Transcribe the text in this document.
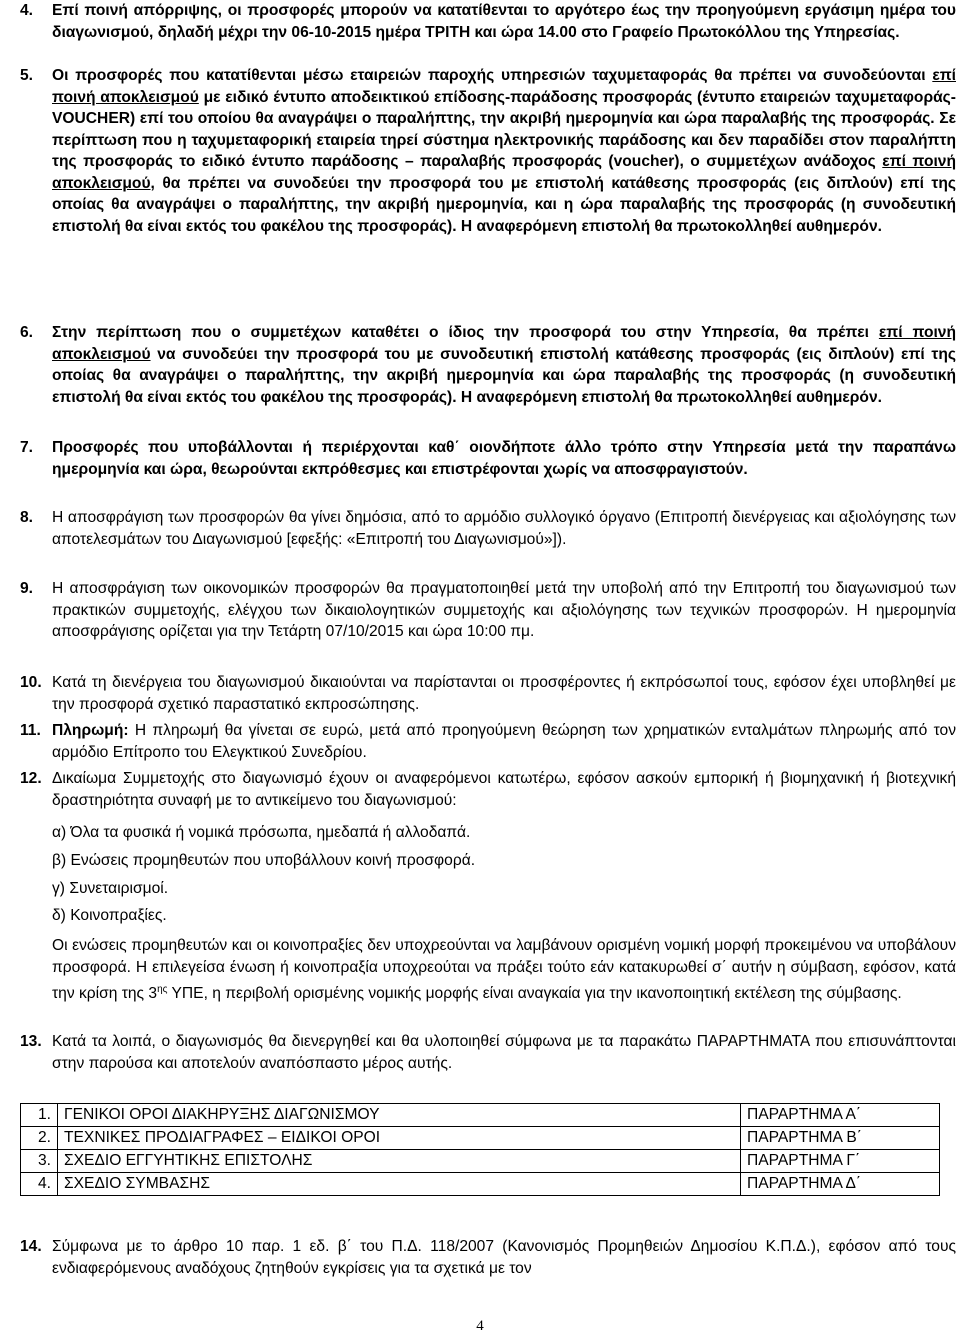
4. Επί ποινή απόρριψης, οι προσφορές μπορούν να κατατίθενται το αργότερο έως την προηγούμενη εργάσιμη ημέρα του διαγωνισμού, δηλαδή μέχρι την 06-10-2015 ημέρα ΤΡΙΤΗ και ώρα 14.00 στο Γραφείο Πρωτοκόλλου της Υπηρεσίας.
5. Οι προσφορές που κατατίθενται μέσω εταιρειών παροχής υπηρεσιών ταχυμεταφοράς θα πρέπει να συνοδεύονται επί ποινή αποκλεισμού με ειδικό έντυπο αποδεικτικού επίδοσης-παράδοσης προσφοράς (έντυπο εταιρειών ταχυμεταφοράς- VOUCHER) επί του οποίου θα αναγράψει ο παραλήπτης, την ακριβή ημερομηνία και ώρα παραλαβής της προσφοράς. Σε περίπτωση που η ταχυμεταφορική εταιρεία τηρεί σύστημα ηλεκτρονικής παράδοσης και δεν παραδίδει στον παραλήπτη της προσφοράς το ειδικό έντυπο παράδοσης – παραλαβής προσφοράς (voucher), ο συμμετέχων ανάδοχος επί ποινή αποκλεισμού, θα πρέπει να συνοδεύει την προσφορά του με επιστολή κατάθεσης προσφοράς (εις διπλούν) επί της οποίας θα αναγράψει ο παραλήπτης, την ακριβή ημερομηνία, και η ώρα παραλαβής της προσφοράς (η συνοδευτική επιστολή θα είναι εκτός του φακέλου της προσφοράς). Η αναφερόμενη επιστολή θα πρωτοκολληθεί αυθημερόν.
6. Στην περίπτωση που ο συμμετέχων καταθέτει ο ίδιος την προσφορά του στην Υπηρεσία, θα πρέπει επί ποινή αποκλεισμού να συνοδεύει την προσφορά του με συνοδευτική επιστολή κατάθεσης προσφοράς (εις διπλούν) επί της οποίας θα αναγράψει ο παραλήπτης, την ακριβή ημερομηνία και ώρα παραλαβής της προσφοράς (η συνοδευτική επιστολή θα είναι εκτός του φακέλου της προσφοράς). Η αναφερόμενη επιστολή θα πρωτοκολληθεί αυθημερόν.
7. Προσφορές που υποβάλλονται ή περιέρχονται καθ΄ οιονδήποτε άλλο τρόπο στην Υπηρεσία μετά την παραπάνω ημερομηνία και ώρα, θεωρούνται εκπρόθεσμες και επιστρέφονται χωρίς να αποσφραγιστούν.
8. Η αποσφράγιση των προσφορών θα γίνει δημόσια, από το αρμόδιο συλλογικό όργανο (Επιτροπή διενέργειας και αξιολόγησης των αποτελεσμάτων του Διαγωνισμού [εφεξής: «Επιτροπή του Διαγωνισμού»]).
9. Η αποσφράγιση των οικονομικών προσφορών θα πραγματοποιηθεί μετά την υποβολή από την Επιτροπή του διαγωνισμού των πρακτικών συμμετοχής, ελέγχου των δικαιολογητικών συμμετοχής και αξιολόγησης των τεχνικών προσφορών. Η ημερομηνία αποσφράγισης ορίζεται για την Τετάρτη 07/10/2015 και ώρα 10:00 πμ.
10. Κατά τη διενέργεια του διαγωνισμού δικαιούνται να παρίστανται οι προσφέροντες ή εκπρόσωποί τους, εφόσον έχει υποβληθεί με την προσφορά σχετικό παραστατικό εκπροσώπησης.
11. Πληρωμή: Η πληρωμή θα γίνεται σε ευρώ, μετά από προηγούμενη θεώρηση των χρηματικών ενταλμάτων πληρωμής από τον αρμόδιο Επίτροπο του Ελεγκτικού Συνεδρίου.
12. Δικαίωμα Συμμετοχής στο διαγωνισμό έχουν οι αναφερόμενοι κατωτέρω, εφόσον ασκούν εμπορική ή βιομηχανική ή βιοτεχνική δραστηριότητα συναφή με το αντικείμενο του διαγωνισμού:
α) Όλα τα φυσικά ή νομικά πρόσωπα, ημεδαπά ή αλλοδαπά.
β) Ενώσεις προμηθευτών που υποβάλλουν κοινή προσφορά.
γ) Συνεταιρισμοί.
δ) Κοινοπραξίες.
Οι ενώσεις προμηθευτών και οι κοινοπραξίες δεν υποχρεούνται να λαμβάνουν ορισμένη νομική μορφή προκειμένου να υποβάλουν προσφορά. Η επιλεγείσα ένωση ή κοινοπραξία υποχρεούται να πράξει τούτο εάν κατακυρωθεί σ΄ αυτήν η σύμβαση, εφόσον, κατά την κρίση της $3^{\eta\varsigma}$ ΥΠΕ, η περιβολή ορισμένης νομικής μορφής είναι αναγκαία για την ικανοποιητική εκτέλεση της σύμβασης.
13. Κατά τα λοιπά, ο διαγωνισμός θα διενεργηθεί και θα υλοποιηθεί σύμφωνα με τα παρακάτω ΠΑΡΑΡΤΗΜΑΤΑ που επισυνάπτονται στην παρούσα και αποτελούν αναπόσπαστο μέρος αυτής.
1.	ΓΕΝΙΚΟΙ ΟΡΟΙ ΔΙΑΚΗΡΥΞΗΣ ΔΙΑΓΩΝΙΣΜΟΥ	ΠΑΡΑΡΤΗΜΑ Α΄
2.	ΤΕΧΝΙΚΕΣ ΠΡΟΔΙΑΓΡΑΦΕΣ – ΕΙΔΙΚΟΙ ΟΡΟΙ	ΠΑΡΑΡΤΗΜΑ Β΄
3.	ΣΧΕΔΙΟ ΕΓΓΥΗΤΙΚΗΣ ΕΠΙΣΤΟΛΗΣ	ΠΑΡΑΡΤΗΜΑ Γ΄
4.	ΣΧΕΔΙΟ ΣΥΜΒΑΣΗΣ	ΠΑΡΑΡΤΗΜΑ Δ΄
14. Σύμφωνα με το άρθρο 10 παρ. 1 εδ. β΄ του Π.Δ. 118/2007 (Κανονισμός Προμηθειών Δημοσίου Κ.Π.Δ.), εφόσον από τους ενδιαφερόμενους αναδόχους ζητηθούν εγκρίσεις για τα σχετικά με τον
4
